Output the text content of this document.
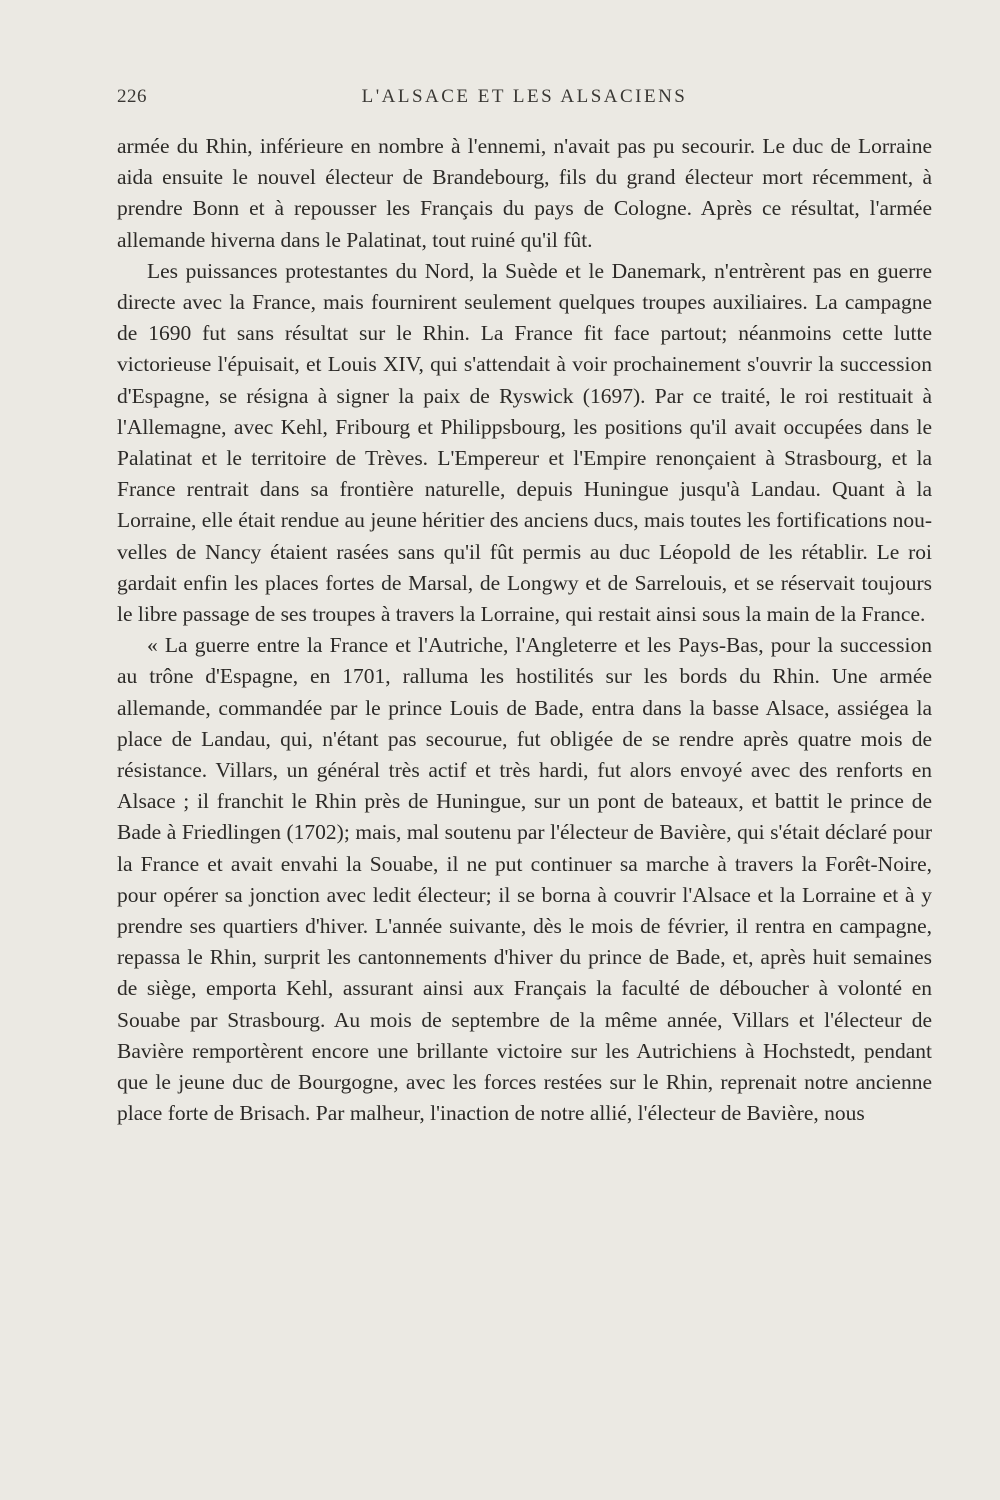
226	L'ALSACE ET LES ALSACIENS

armée du Rhin, inférieure en nombre à l'ennemi, n'avait pas pu secourir. Le duc de Lorraine aida ensuite le nouvel électeur de Brandebourg, fils du grand électeur mort récemment, à prendre Bonn et à repousser les Français du pays de Cologne. Après ce résultat, l'armée allemande hiverna dans le Palatinat, tout ruiné qu'il fût.

Les puissances protestantes du Nord, la Suède et le Danemark, n'entrèrent pas en guerre directe avec la France, mais fournirent seulement quelques troupes auxiliaires. La campagne de 1690 fut sans résultat sur le Rhin. La France fit face partout; néanmoins cette lutte victorieuse l'épuisait, et Louis XIV, qui s'attendait à voir prochainement s'ouvrir la succession d'Espagne, se résigna à signer la paix de Ryswick (1697). Par ce traité, le roi restituait à l'Allemagne, avec Kehl, Fribourg et Philippsbourg, les positions qu'il avait occupées dans le Palatinat et le territoire de Trèves. L'Empereur et l'Empire renonçaient à Strasbourg, et la France rentrait dans sa frontière naturelle, depuis Huningue jusqu'à Landau. Quant à la Lorraine, elle était rendue au jeune héritier des anciens ducs, mais toutes les fortifications nouvelles de Nancy étaient rasées sans qu'il fût permis au duc Léopold de les rétablir. Le roi gardait enfin les places fortes de Marsal, de Longwy et de Sarrelouis, et se réservait toujours le libre passage de ses troupes à travers la Lorraine, qui restait ainsi sous la main de la France.

« La guerre entre la France et l'Autriche, l'Angleterre et les Pays-Bas, pour la succession au trône d'Espagne, en 1701, ralluma les hostilités sur les bords du Rhin. Une armée allemande, commandée par le prince Louis de Bade, entra dans la basse Alsace, assiégea la place de Landau, qui, n'étant pas secourue, fut obligée de se rendre après quatre mois de résistance. Villars, un général très actif et très hardi, fut alors envoyé avec des renforts en Alsace ; il franchit le Rhin près de Huningue, sur un pont de bateaux, et battit le prince de Bade à Friedlingen (1702); mais, mal soutenu par l'électeur de Bavière, qui s'était déclaré pour la France et avait envahi la Souabe, il ne put continuer sa marche à travers la Forêt-Noire, pour opérer sa jonction avec ledit électeur; il se borna à couvrir l'Alsace et la Lorraine et à y prendre ses quartiers d'hiver. L'année suivante, dès le mois de février, il rentra en campagne, repassa le Rhin, surprit les cantonnements d'hiver du prince de Bade, et, après huit semaines de siège, emporta Kehl, assurant ainsi aux Français la faculté de déboucher à volonté en Souabe par Strasbourg. Au mois de septembre de la même année, Villars et l'électeur de Bavière remportèrent encore une brillante victoire sur les Autrichiens à Hochstedt, pendant que le jeune duc de Bourgogne, avec les forces restées sur le Rhin, reprenait notre ancienne place forte de Brisach. Par malheur, l'inaction de notre allié, l'électeur de Bavière, nous
